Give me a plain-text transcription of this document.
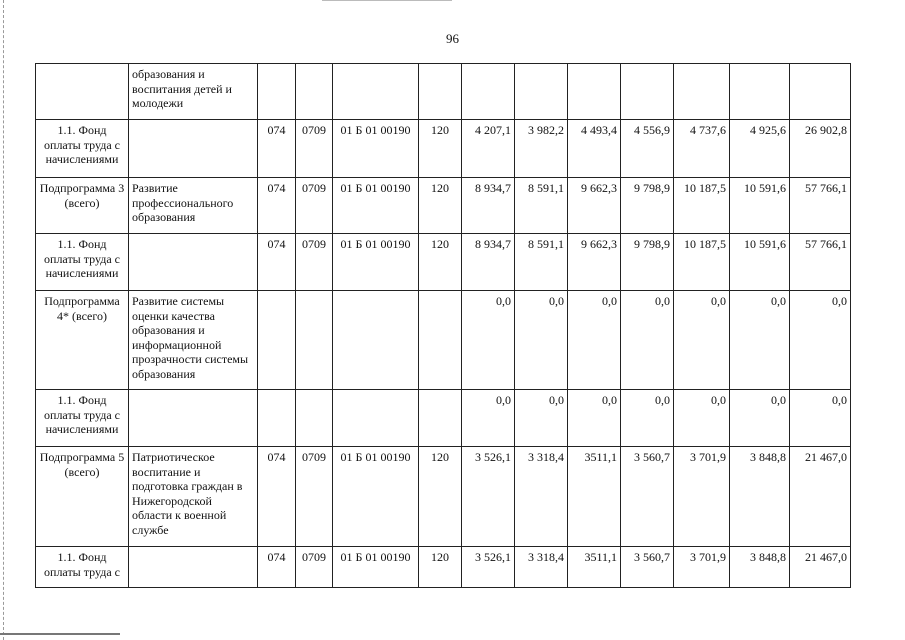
96
	образования и воспитания детей и молодежи											
1.1. Фонд оплаты труда с начислениями		074	0709	01 Б 01 00190	120	4 207,1	3 982,2	4 493,4	4 556,9	4 737,6	4 925,6	26 902,8
Подпрограмма 3 (всего)	Развитие профессионального образования	074	0709	01 Б 01 00190	120	8 934,7	8 591,1	9 662,3	9 798,9	10 187,5	10 591,6	57 766,1
1.1. Фонд оплаты труда с начислениями		074	0709	01 Б 01 00190	120	8 934,7	8 591,1	9 662,3	9 798,9	10 187,5	10 591,6	57 766,1
Подпрограмма 4* (всего)	Развитие системы оценки качества образования и информационной прозрачности системы образования					0,0	0,0	0,0	0,0	0,0	0,0	0,0
1.1. Фонд оплаты труда с начислениями						0,0	0,0	0,0	0,0	0,0	0,0	0,0
Подпрограмма 5 (всего)	Патриотическое воспитание и подготовка граждан в Нижегородской области к военной службе	074	0709	01 Б 01 00190	120	3 526,1	3 318,4	3511,1	3 560,7	3 701,9	3 848,8	21 467,0
1.1. Фонд оплаты труда с		074	0709	01 Б 01 00190	120	3 526,1	3 318,4	3511,1	3 560,7	3 701,9	3 848,8	21 467,0
